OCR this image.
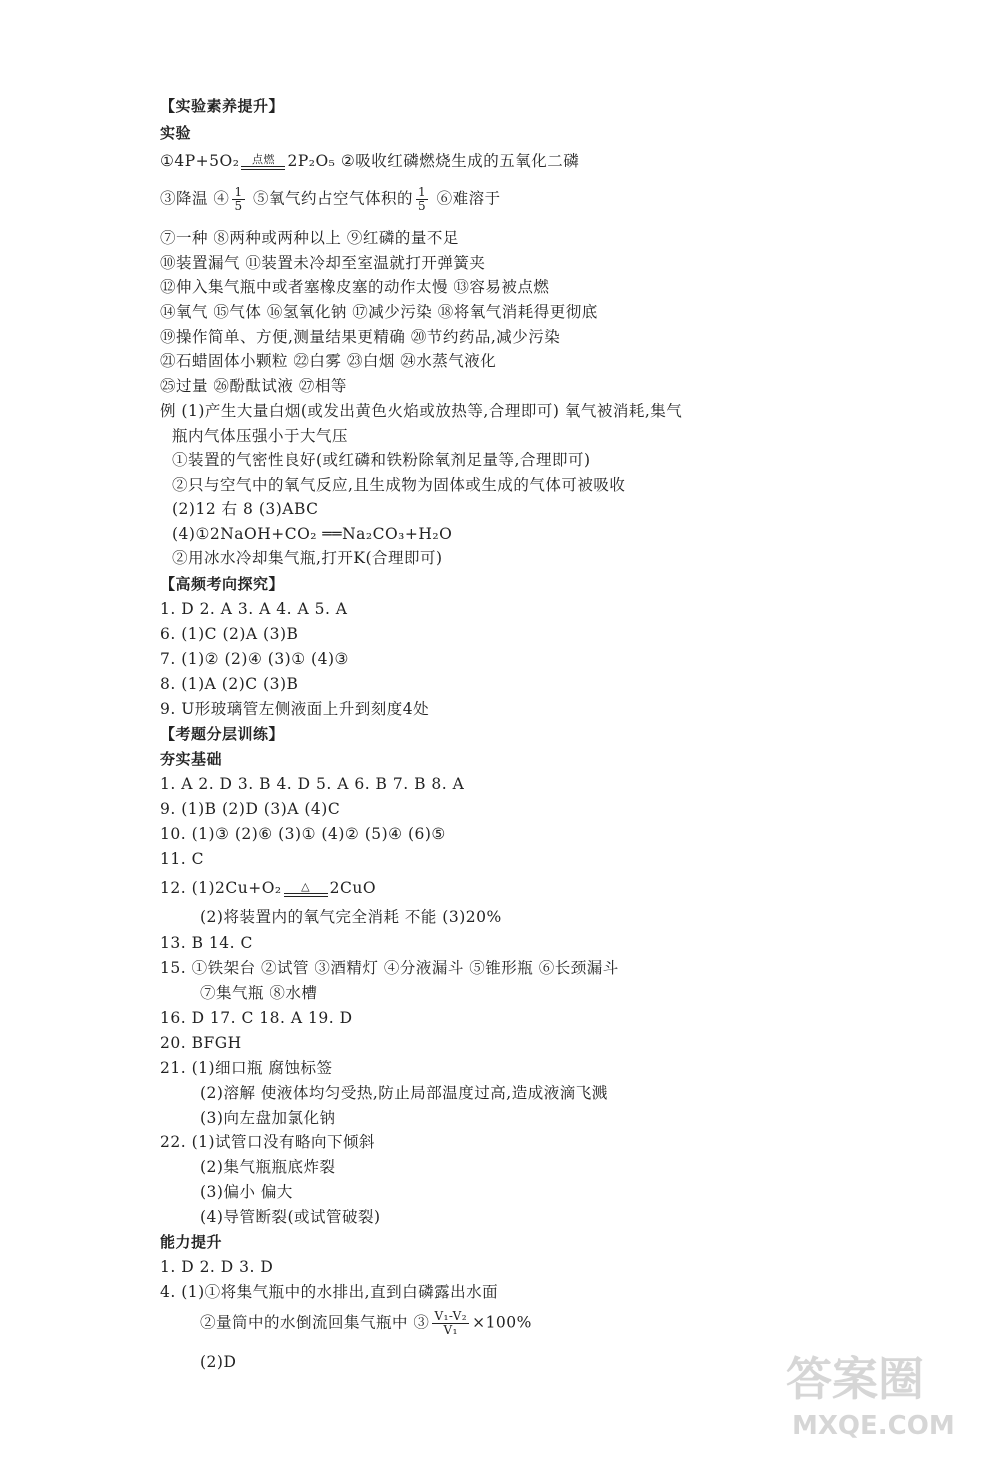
【实验素养提升】
实验
①4P+5O₂ 点燃 2P₂O₅ ②吸收红磷燃烧生成的五氧化二磷
③降温 ④ $\frac{1}{5}$ ⑤氧气约占空气体积的 $\frac{1}{5}$ ⑥难溶于
⑦一种 ⑧两种或两种以上 ⑨红磷的量不足
⑩装置漏气 ⑪装置未冷却至室温就打开弹簧夹
⑫伸入集气瓶中或者塞橡皮塞的动作太慢 ⑬容易被点燃
⑭氧气 ⑮气体 ⑯氢氧化钠 ⑰减少污染 ⑱将氧气消耗得更彻底
⑲操作简单、方便,测量结果更精确 ⑳节约药品,减少污染
㉑石蜡固体小颗粒 ㉒白雾 ㉓白烟 ㉔水蒸气液化
㉕过量 ㉖酚酞试液 ㉗相等
例 (1)产生大量白烟(或发出黄色火焰或放热等,合理即可) 氧气被消耗,集气
瓶内气体压强小于大气压
①装置的气密性良好(或红磷和铁粉除氧剂足量等,合理即可)
②只与空气中的氧气反应,且生成物为固体或生成的气体可被吸收
(2)12 右 8 (3)ABC
(4)①2NaOH+CO₂ ══Na₂CO₃+H₂O
②用冰水冷却集气瓶,打开K(合理即可)
【高频考向探究】
1. D 2. A 3. A 4. A 5. A
6. (1)C (2)A (3)B
7. (1)② (2)④ (3)① (4)③
8. (1)A (2)C (3)B
9. U形玻璃管左侧液面上升到刻度4处
【考题分层训练】
夯实基础
1. A 2. D 3. B 4. D 5. A 6. B 7. B 8. A
9. (1)B (2)D (3)A (4)C
10. (1)③ (2)⑥ (3)① (4)② (5)④ (6)⑤
11. C
12. (1)2Cu+O₂ △ 2CuO
(2)将装置内的氧气完全消耗 不能 (3)20%
13. B 14. C
15. ①铁架台 ②试管 ③酒精灯 ④分液漏斗 ⑤锥形瓶 ⑥长颈漏斗
⑦集气瓶 ⑧水槽
16. D 17. C 18. A 19. D
20. BFGH
21. (1)细口瓶 腐蚀标签
(2)溶解 使液体均匀受热,防止局部温度过高,造成液滴飞溅
(3)向左盘加氯化钠
22. (1)试管口没有略向下倾斜
(2)集气瓶瓶底炸裂
(3)偏小 偏大
(4)导管断裂(或试管破裂)
能力提升
1. D 2. D 3. D
4. (1)①将集气瓶中的水排出,直到白磷露出水面
②量筒中的水倒流回集气瓶中 ③ $\frac{\text{V₁-V₂}}{\text{V₁}} \times 100\%$
(2)D	答案圈
MXQE.COM
